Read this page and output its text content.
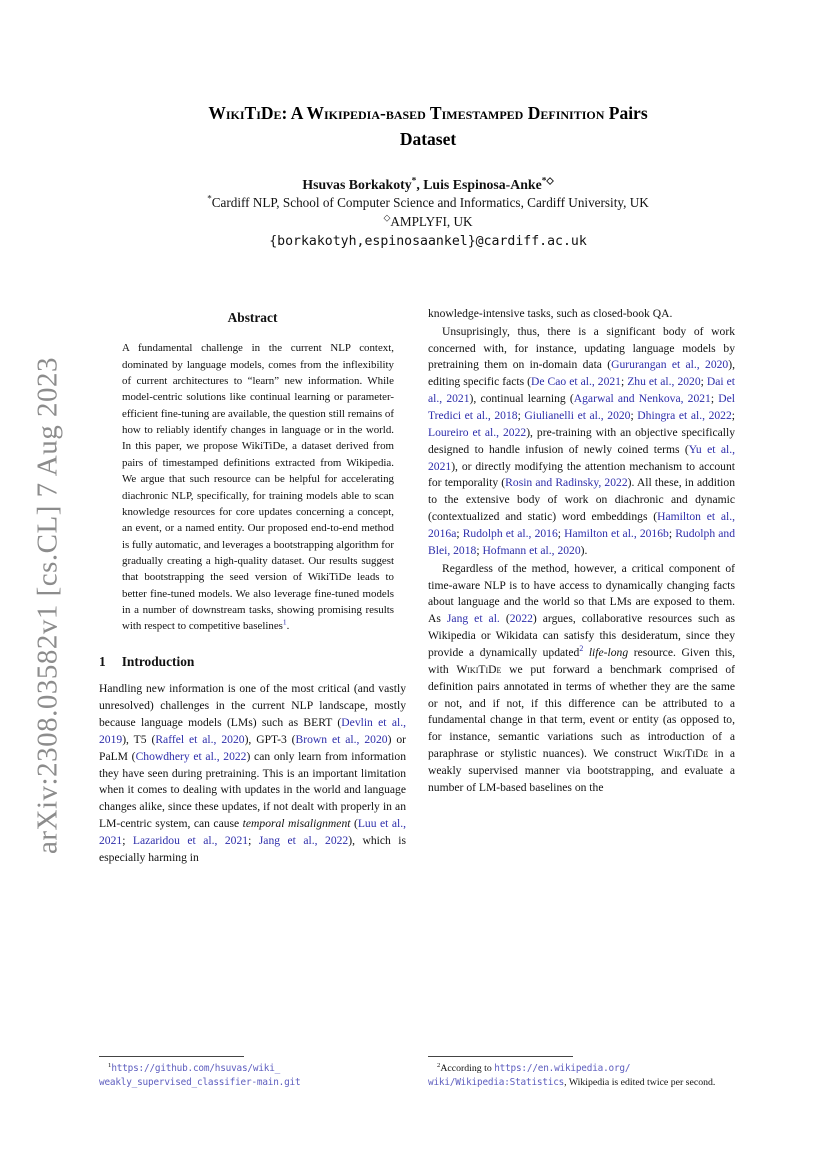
arXiv:2308.03582v1 [cs.CL] 7 Aug 2023
WikiTiDe: A Wikipedia-based Timestamped Definition Pairs
Dataset
Hsuvas Borkakoty*, Luis Espinosa-Anke*◇
*Cardiff NLP, School of Computer Science and Informatics, Cardiff University, UK
◇AMPLYFI, UK
{borkakotyh,espinosaankel}@cardiff.ac.uk
Abstract
A fundamental challenge in the current NLP context, dominated by language models, comes from the inflexibility of current architectures to “learn” new information. While model-centric solutions like continual learning or parameter-efficient fine-tuning are available, the question still remains of how to reliably identify changes in language or in the world. In this paper, we propose WikiTiDe, a dataset derived from pairs of timestamped definitions extracted from Wikipedia. We argue that such resource can be helpful for accelerating diachronic NLP, specifically, for training models able to scan knowledge resources for core updates concerning a concept, an event, or a named entity. Our proposed end-to-end method is fully automatic, and leverages a bootstrapping algorithm for gradually creating a high-quality dataset. Our results suggest that bootstrapping the seed version of WikiTiDe leads to better fine-tuned models. We also leverage fine-tuned models in a number of downstream tasks, showing promising results with respect to competitive baselines$^1$.
1 Introduction

Handling new information is one of the most critical (and vastly unresolved) challenges in the current NLP landscape, mostly because language models (LMs) such as BERT (Devlin et al., 2019), T5 (Raffel et al., 2020), GPT-3 (Brown et al., 2020) or PaLM (Chowdhery et al., 2022) can only learn from information they have seen during pretraining. This is an important limitation when it comes to dealing with updates in the world and language changes alike, since these updates, if not dealt with properly in an LM-centric system, can cause temporal misalignment (Luu et al., 2021; Lazaridou et al., 2021; Jang et al., 2022), which is especially harming in

$^1$https://github.com/hsuvas/wiki_
weakly_supervised_classifier-main.git

knowledge-intensive tasks, such as closed-book QA.

Unsuprisingly, thus, there is a significant body of work concerned with, for instance, updating language models by pretraining them on in-domain data (Gururangan et al., 2020), editing specific facts (De Cao et al., 2021; Zhu et al., 2020; Dai et al., 2021), continual learning (Agarwal and Nenkova, 2021; Del Tredici et al., 2018; Giulianelli et al., 2020; Dhingra et al., 2022; Loureiro et al., 2022), pre-training with an objective specifically designed to handle infusion of newly coined terms (Yu et al., 2021), or directly modifying the attention mechanism to account for temporality (Rosin and Radinsky, 2022). All these, in addition to the extensive body of work on diachronic and dynamic (contextualized and static) word embeddings (Hamilton et al., 2016a; Rudolph et al., 2016; Hamilton et al., 2016b; Rudolph and Blei, 2018; Hofmann et al., 2020).

Regardless of the method, however, a critical component of time-aware NLP is to have access to dynamically changing facts about language and the world so that LMs are exposed to them. As Jang et al. (2022) argues, collaborative resources such as Wikipedia or Wikidata can satisfy this desideratum, since they provide a dynamically updated$^2$ life-long resource. Given this, with WikiTiDe we put forward a benchmark comprised of definition pairs annotated in terms of whether they are the same or not, and if not, if this difference can be attributed to a fundamental change in that term, event or entity (as opposed to, for instance, semantic variations such as introduction of a paraphrase or stylistic nuances). We construct WikiTiDe in a weakly supervised manner via bootstrapping, and evaluate a number of LM-based baselines on the

$^2$According to https://en.wikipedia.org/
wiki/Wikipedia:Statistics, Wikipedia is edited twice per second.
